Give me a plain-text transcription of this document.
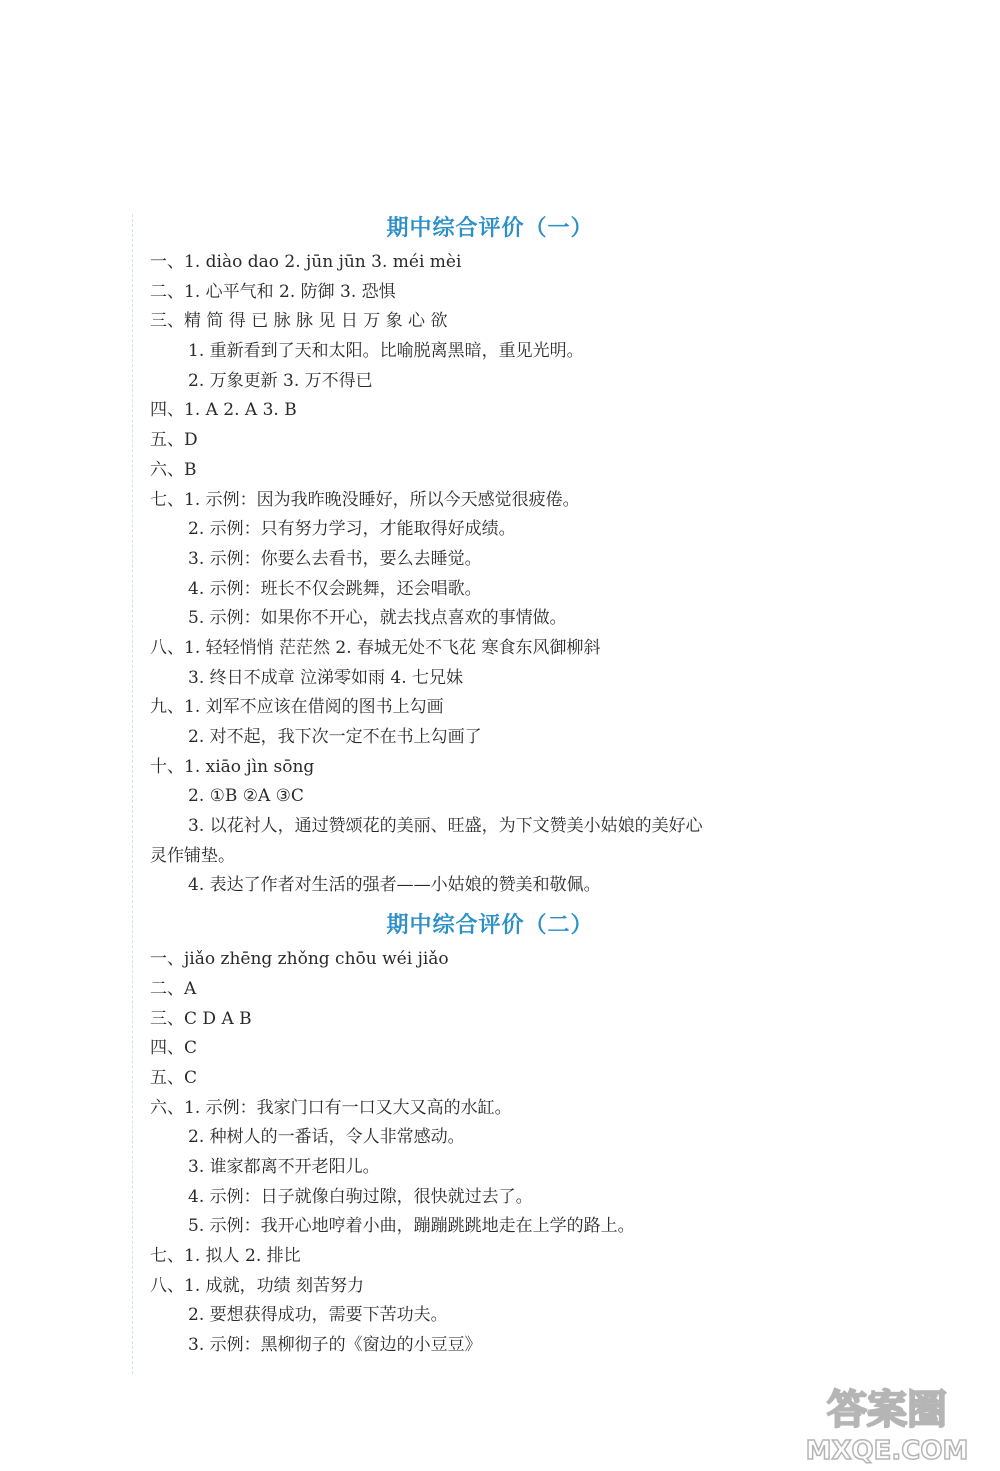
期中综合评价（一）
一、1. diào dao 2. jūn jūn 3. méi mèi
二、1. 心平气和 2. 防御 3. 恐惧
三、精 简 得 已 脉 脉 见 日 万 象 心 欲
1. 重新看到了天和太阳。比喻脱离黑暗，重见光明。
2. 万象更新 3. 万不得已
四、1. A 2. A 3. B
五、D
六、B
七、1. 示例：因为我昨晚没睡好，所以今天感觉很疲倦。
2. 示例：只有努力学习，才能取得好成绩。
3. 示例：你要么去看书，要么去睡觉。
4. 示例：班长不仅会跳舞，还会唱歌。
5. 示例：如果你不开心，就去找点喜欢的事情做。
八、1. 轻轻悄悄 茫茫然 2. 春城无处不飞花 寒食东风御柳斜
3. 终日不成章 泣涕零如雨 4. 七兄妹
九、1. 刘军不应该在借阅的图书上勾画
2. 对不起，我下次一定不在书上勾画了
十、1. xiāo jìn sōng
2. ①B ②A ③C
3. 以花衬人，通过赞颂花的美丽、旺盛，为下文赞美小姑娘的美好心
灵作铺垫。
4. 表达了作者对生活的强者——小姑娘的赞美和敬佩。
期中综合评价（二）
一、jiǎo zhēng zhǒng chōu wéi jiǎo
二、A
三、C D A B
四、C
五、C
六、1. 示例：我家门口有一口又大又高的水缸。
2. 种树人的一番话，令人非常感动。
3. 谁家都离不开老阳儿。
4. 示例：日子就像白驹过隙，很快就过去了。
5. 示例：我开心地哼着小曲，蹦蹦跳跳地走在上学的路上。
七、1. 拟人 2. 排比
八、1. 成就，功绩 刻苦努力
2. 要想获得成功，需要下苦功夫。
3. 示例：黑柳彻子的《窗边的小豆豆》
答案圈
MXQE.COM
